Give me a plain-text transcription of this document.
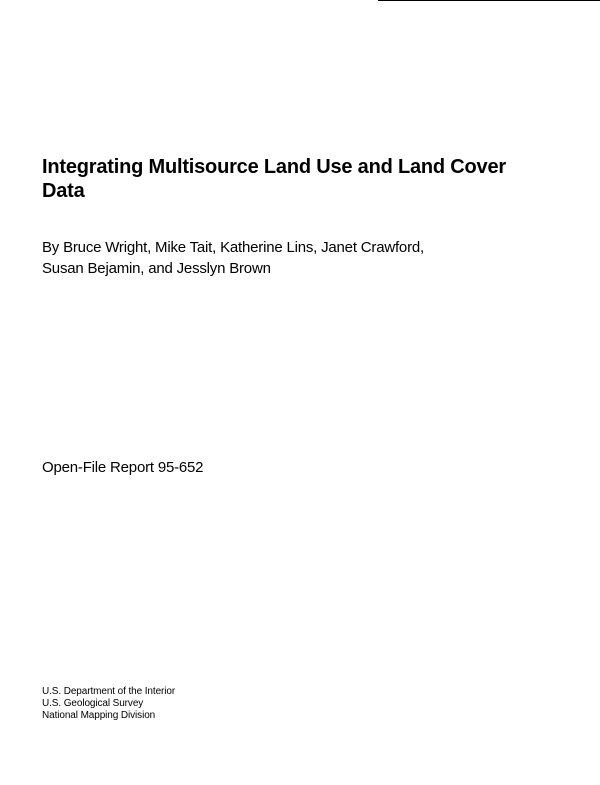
Integrating Multisource Land Use and Land Cover
Data

By Bruce Wright, Mike Tait, Katherine Lins, Janet Crawford,
Susan Bejamin, and Jesslyn Brown

Open-File Report 95-652

U.S. Department of the Interior
U.S. Geological Survey
National Mapping Division
